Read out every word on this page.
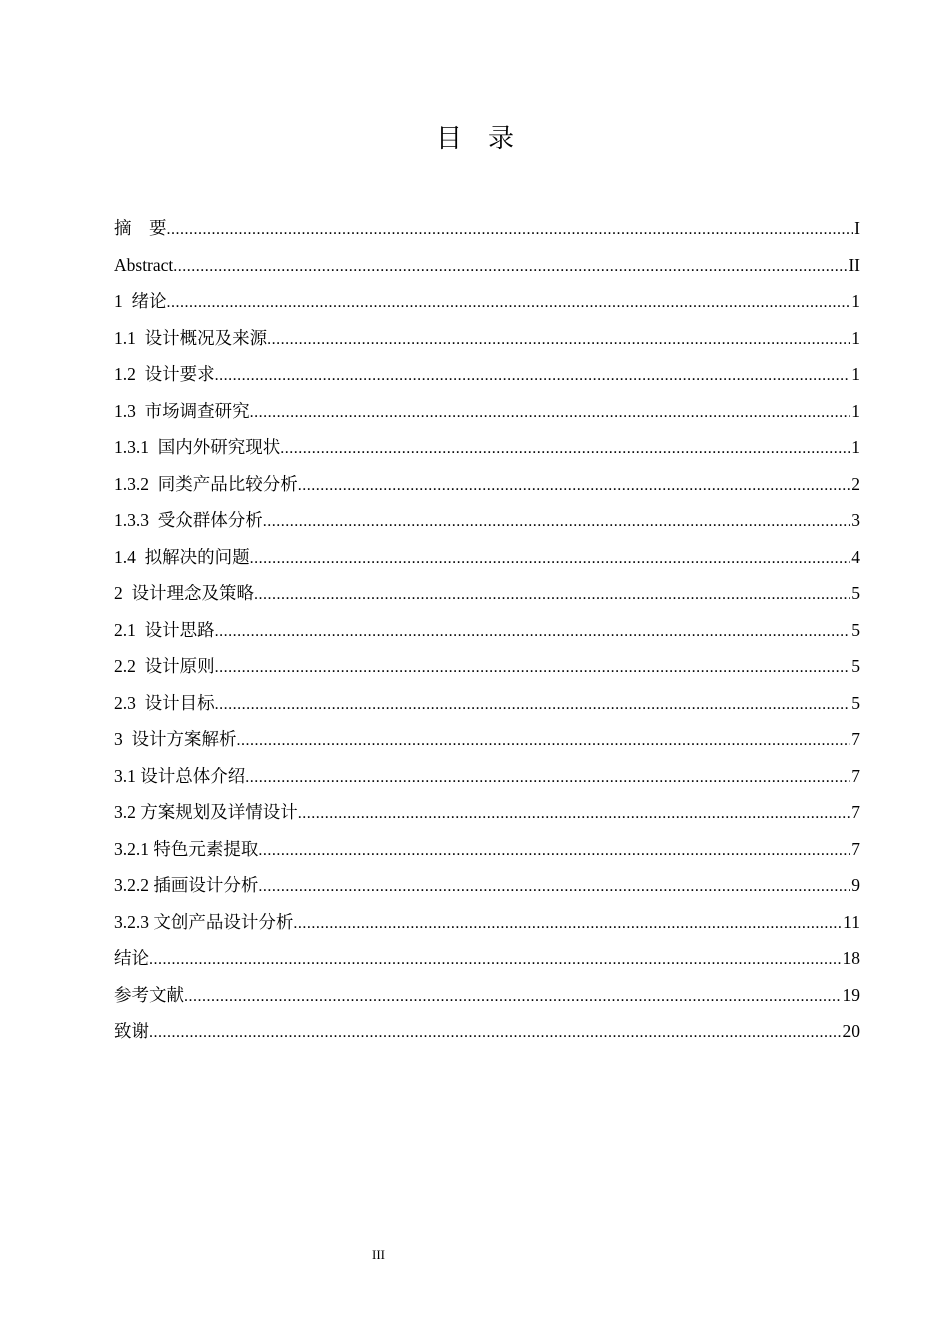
目 录
摘　要 .....	I
Abstract .....	II
1  绪论 .....	1
1.1  设计概况及来源 .....	1
1.2  设计要求 .....	1
1.3  市场调查研究 .....	1
1.3.1  国内外研究现状 .....	1
1.3.2  同类产品比较分析 .....	2
1.3.3  受众群体分析 .....	3
1.4  拟解决的问题 .....	4
2  设计理念及策略 .....	5
2.1  设计思路 .....	5
2.2  设计原则 .....	5
2.3  设计目标 .....	5
3  设计方案解析 .....	7
3.1 设计总体介绍 .....	7
3.2 方案规划及详情设计 .....	7
3.2.1 特色元素提取 .....	7
3.2.2 插画设计分析 .....	9
3.2.3 文创产品设计分析 .....	11
结论 .....	18
参考文献 .....	19
致谢 .....	20
III
